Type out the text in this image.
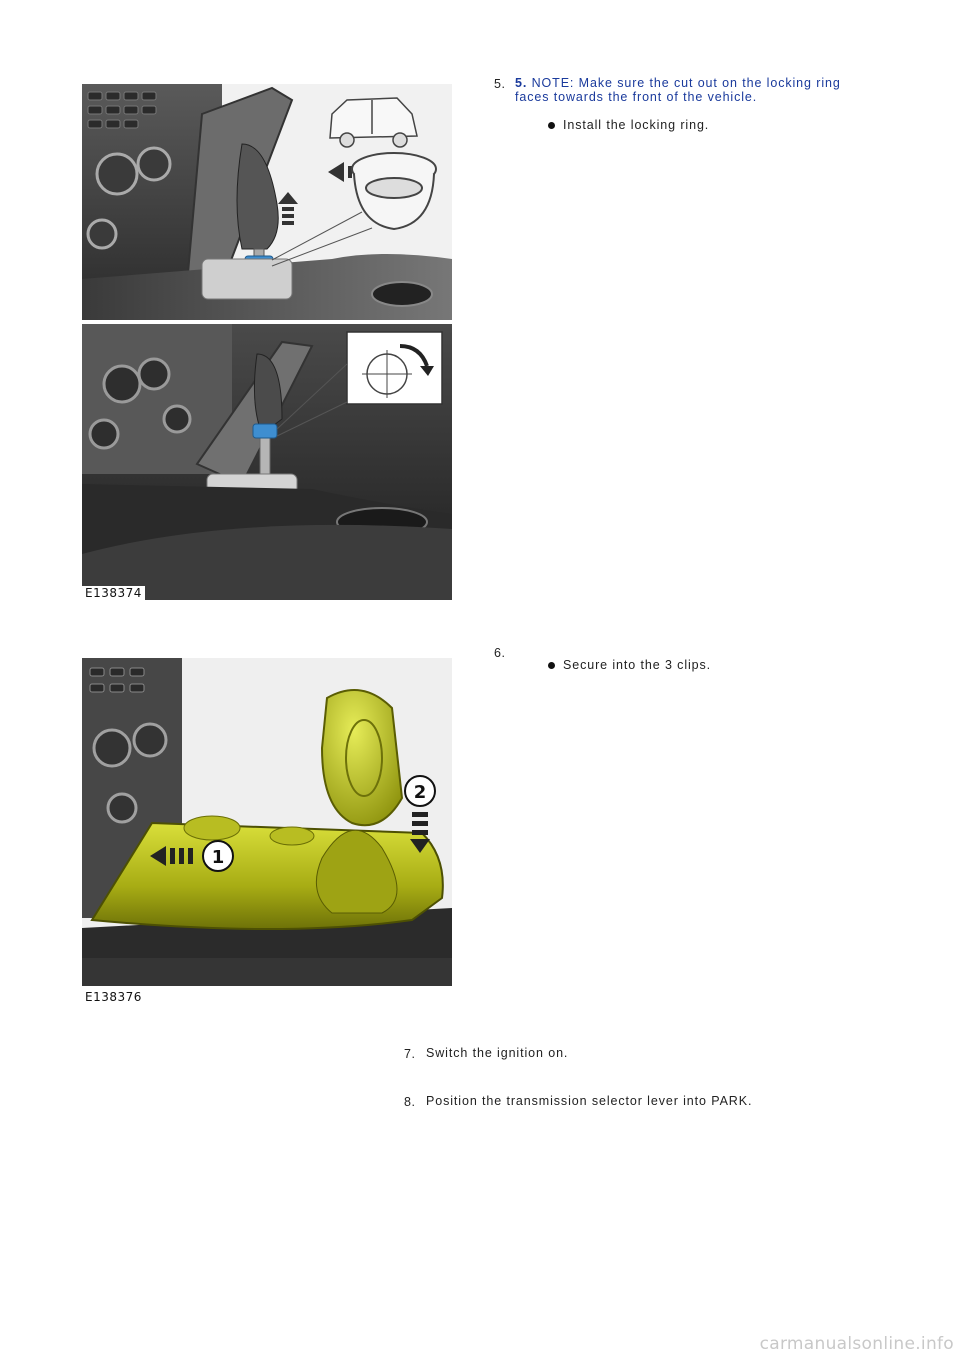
5. 5. NOTE: Make sure the cut out on the locking ring
faces towards the front of the vehicle.
Install the locking ring.
E138374
6.
Secure into the 3 clips.
1
2
E138376
7. Switch the ignition on.
8. Position the transmission selector lever into PARK.
carmanualsonline.info
